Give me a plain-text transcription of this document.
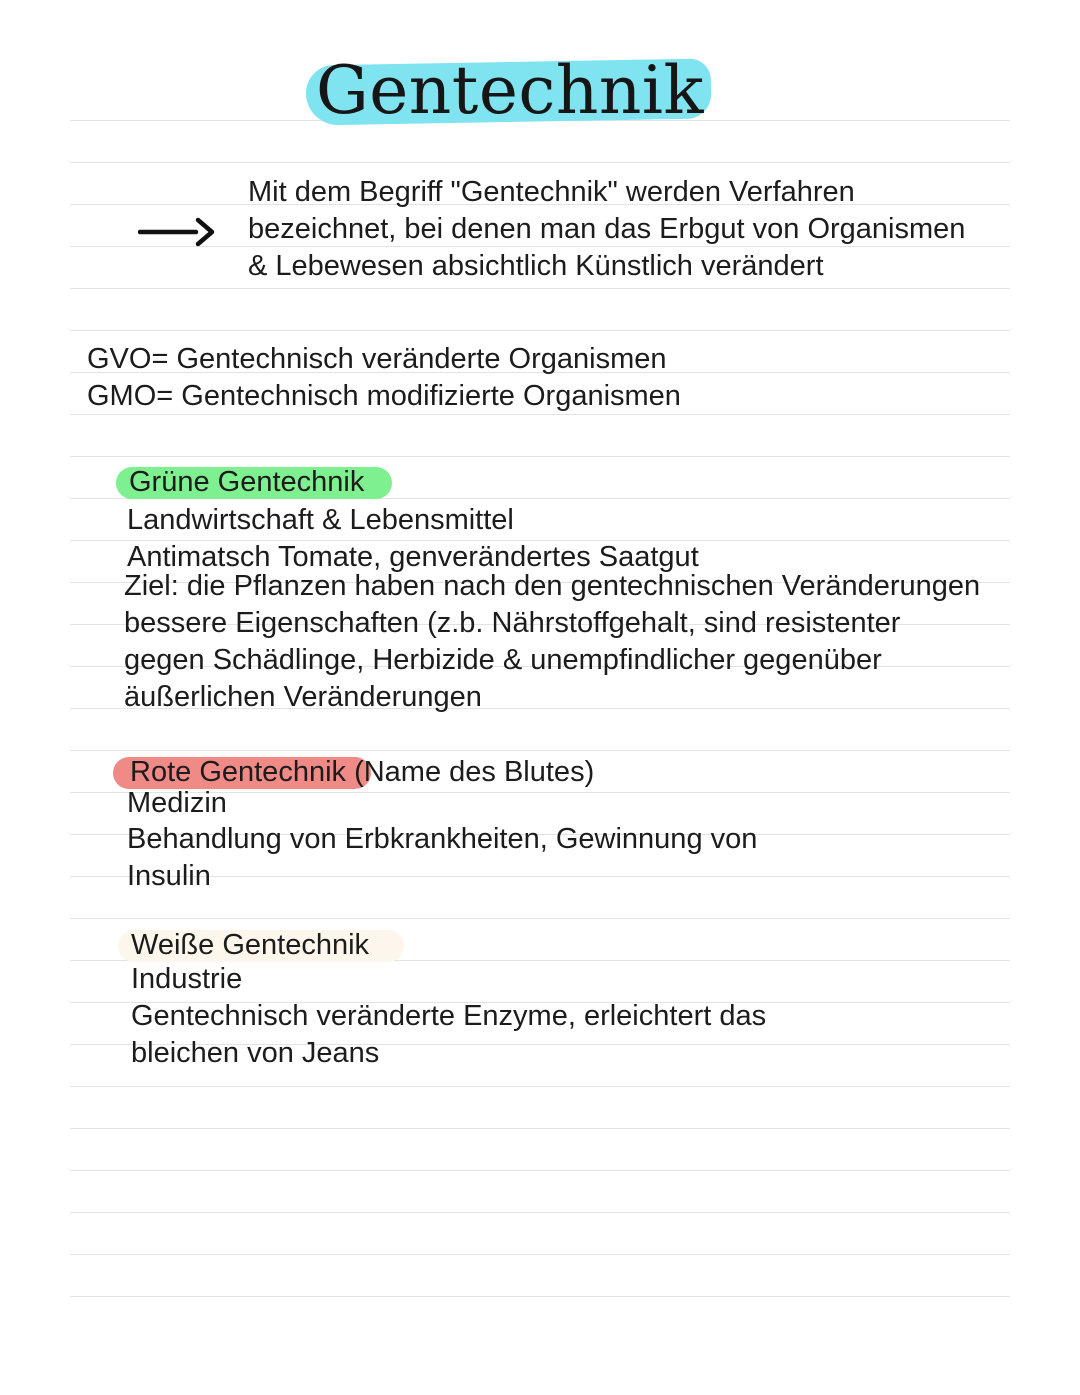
Gentechnik
Mit dem Begriff "Gentechnik" werden Verfahren
bezeichnet, bei denen man das Erbgut von Organismen
& Lebewesen absichtlich Künstlich verändert
GVO= Gentechnisch veränderte Organismen
GMO= Gentechnisch modifizierte Organismen
Grüne Gentechnik
Landwirtschaft & Lebensmittel
Antimatsch Tomate, genverändertes Saatgut
Ziel: die Pflanzen haben nach den gentechnischen Veränderungen
bessere Eigenschaften (z.b. Nährstoffgehalt, sind resistenter
gegen Schädlinge, Herbizide & unempfindlicher gegenüber
äußerlichen Veränderungen
Rote Gentechnik (Name des Blutes)
Medizin
Behandlung von Erbkrankheiten, Gewinnung von
Insulin
Weiße Gentechnik
Industrie
Gentechnisch veränderte Enzyme, erleichtert das
bleichen von Jeans
